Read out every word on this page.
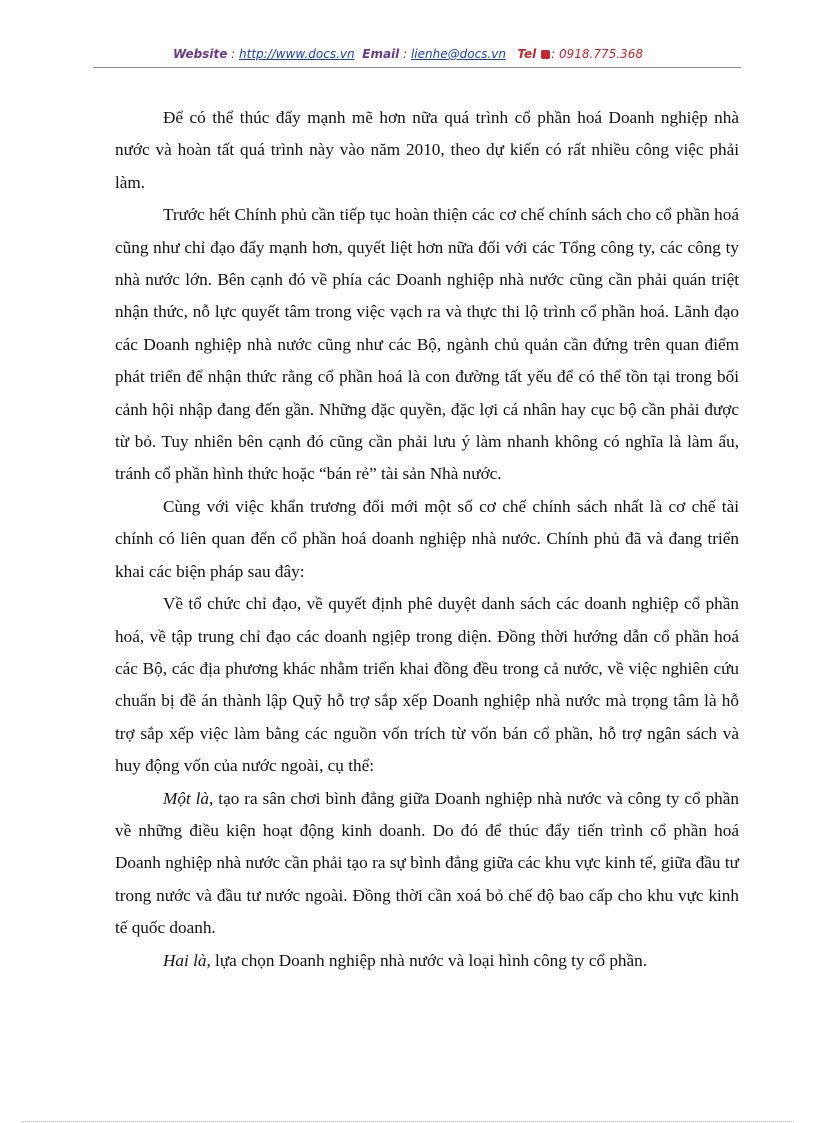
Website : http://www.docs.vn Email : lienhe@docs.vn Tel : 0918.775.368

Để có thể thúc đẩy mạnh mẽ hơn nữa quá trình cổ phần hoá Doanh nghiệp nhà nước và hoàn tất quá trình này vào năm 2010, theo dự kiến có rất nhiều công việc phải làm.

Trước hết Chính phủ cần tiếp tục hoàn thiện các cơ chế chính sách cho cổ phần hoá cũng như chỉ đạo đẩy mạnh hơn, quyết liệt hơn nữa đối với các Tổng công ty, các công ty nhà nước lớn. Bên cạnh đó về phía các Doanh nghiệp nhà nước cũng cần phải quán triệt nhận thức, nỗ lực quyết tâm trong việc vạch ra và thực thi lộ trình cổ phần hoá. Lãnh đạo các Doanh nghiệp nhà nước cũng như các Bộ, ngành chủ quản cần đứng trên quan điểm phát triển để nhận thức rằng cổ phần hoá là con đường tất yếu để có thể tồn tại trong bối cảnh hội nhập đang đến gần. Những đặc quyền, đặc lợi cá nhân hay cục bộ cần phải được từ bỏ. Tuy nhiên bên cạnh đó cũng cần phải lưu ý làm nhanh không có nghĩa là làm ẩu, tránh cổ phần hình thức hoặc “bán rẻ” tài sản Nhà nước.

Cùng với việc khẩn trương đổi mới một số cơ chế chính sách nhất là cơ chế tài chính có liên quan đến cổ phần hoá doanh nghiệp nhà nước. Chính phủ đã và đang triển khai các biện pháp sau đây:

Về tổ chức chỉ đạo, về quyết định phê duyệt danh sách các doanh nghiệp cổ phần hoá, về tập trung chỉ đạo các doanh ngịêp trong diện. Đồng thời hướng dẫn cổ phần hoá các Bộ, các địa phương khác nhằm triển khai đồng đều trong cả nước, về việc nghiên cứu chuẩn bị đề án thành lập Quỹ hỗ trợ sắp xếp Doanh nghiệp nhà nước mà trọng tâm là hỗ trợ sắp xếp việc làm bằng các nguồn vốn trích từ vốn bán cổ phần, hỗ trợ ngân sách và huy động vốn của nước ngoài, cụ thể:

Một là, tạo ra sân chơi bình đẳng giữa Doanh nghiệp nhà nước và công ty cổ phần về những điều kiện hoạt động kinh doanh. Do đó để thúc đẩy tiến trình cổ phần hoá Doanh nghiệp nhà nước cần phải tạo ra sự bình đẳng giữa các khu vực kinh tế, giữa đầu tư trong nước và đầu tư nước ngoài. Đồng thời cần xoá bỏ chế độ bao cấp cho khu vực kinh tế quốc doanh.

Hai là, lựa chọn Doanh nghiệp nhà nước và loại hình công ty cổ phần.
